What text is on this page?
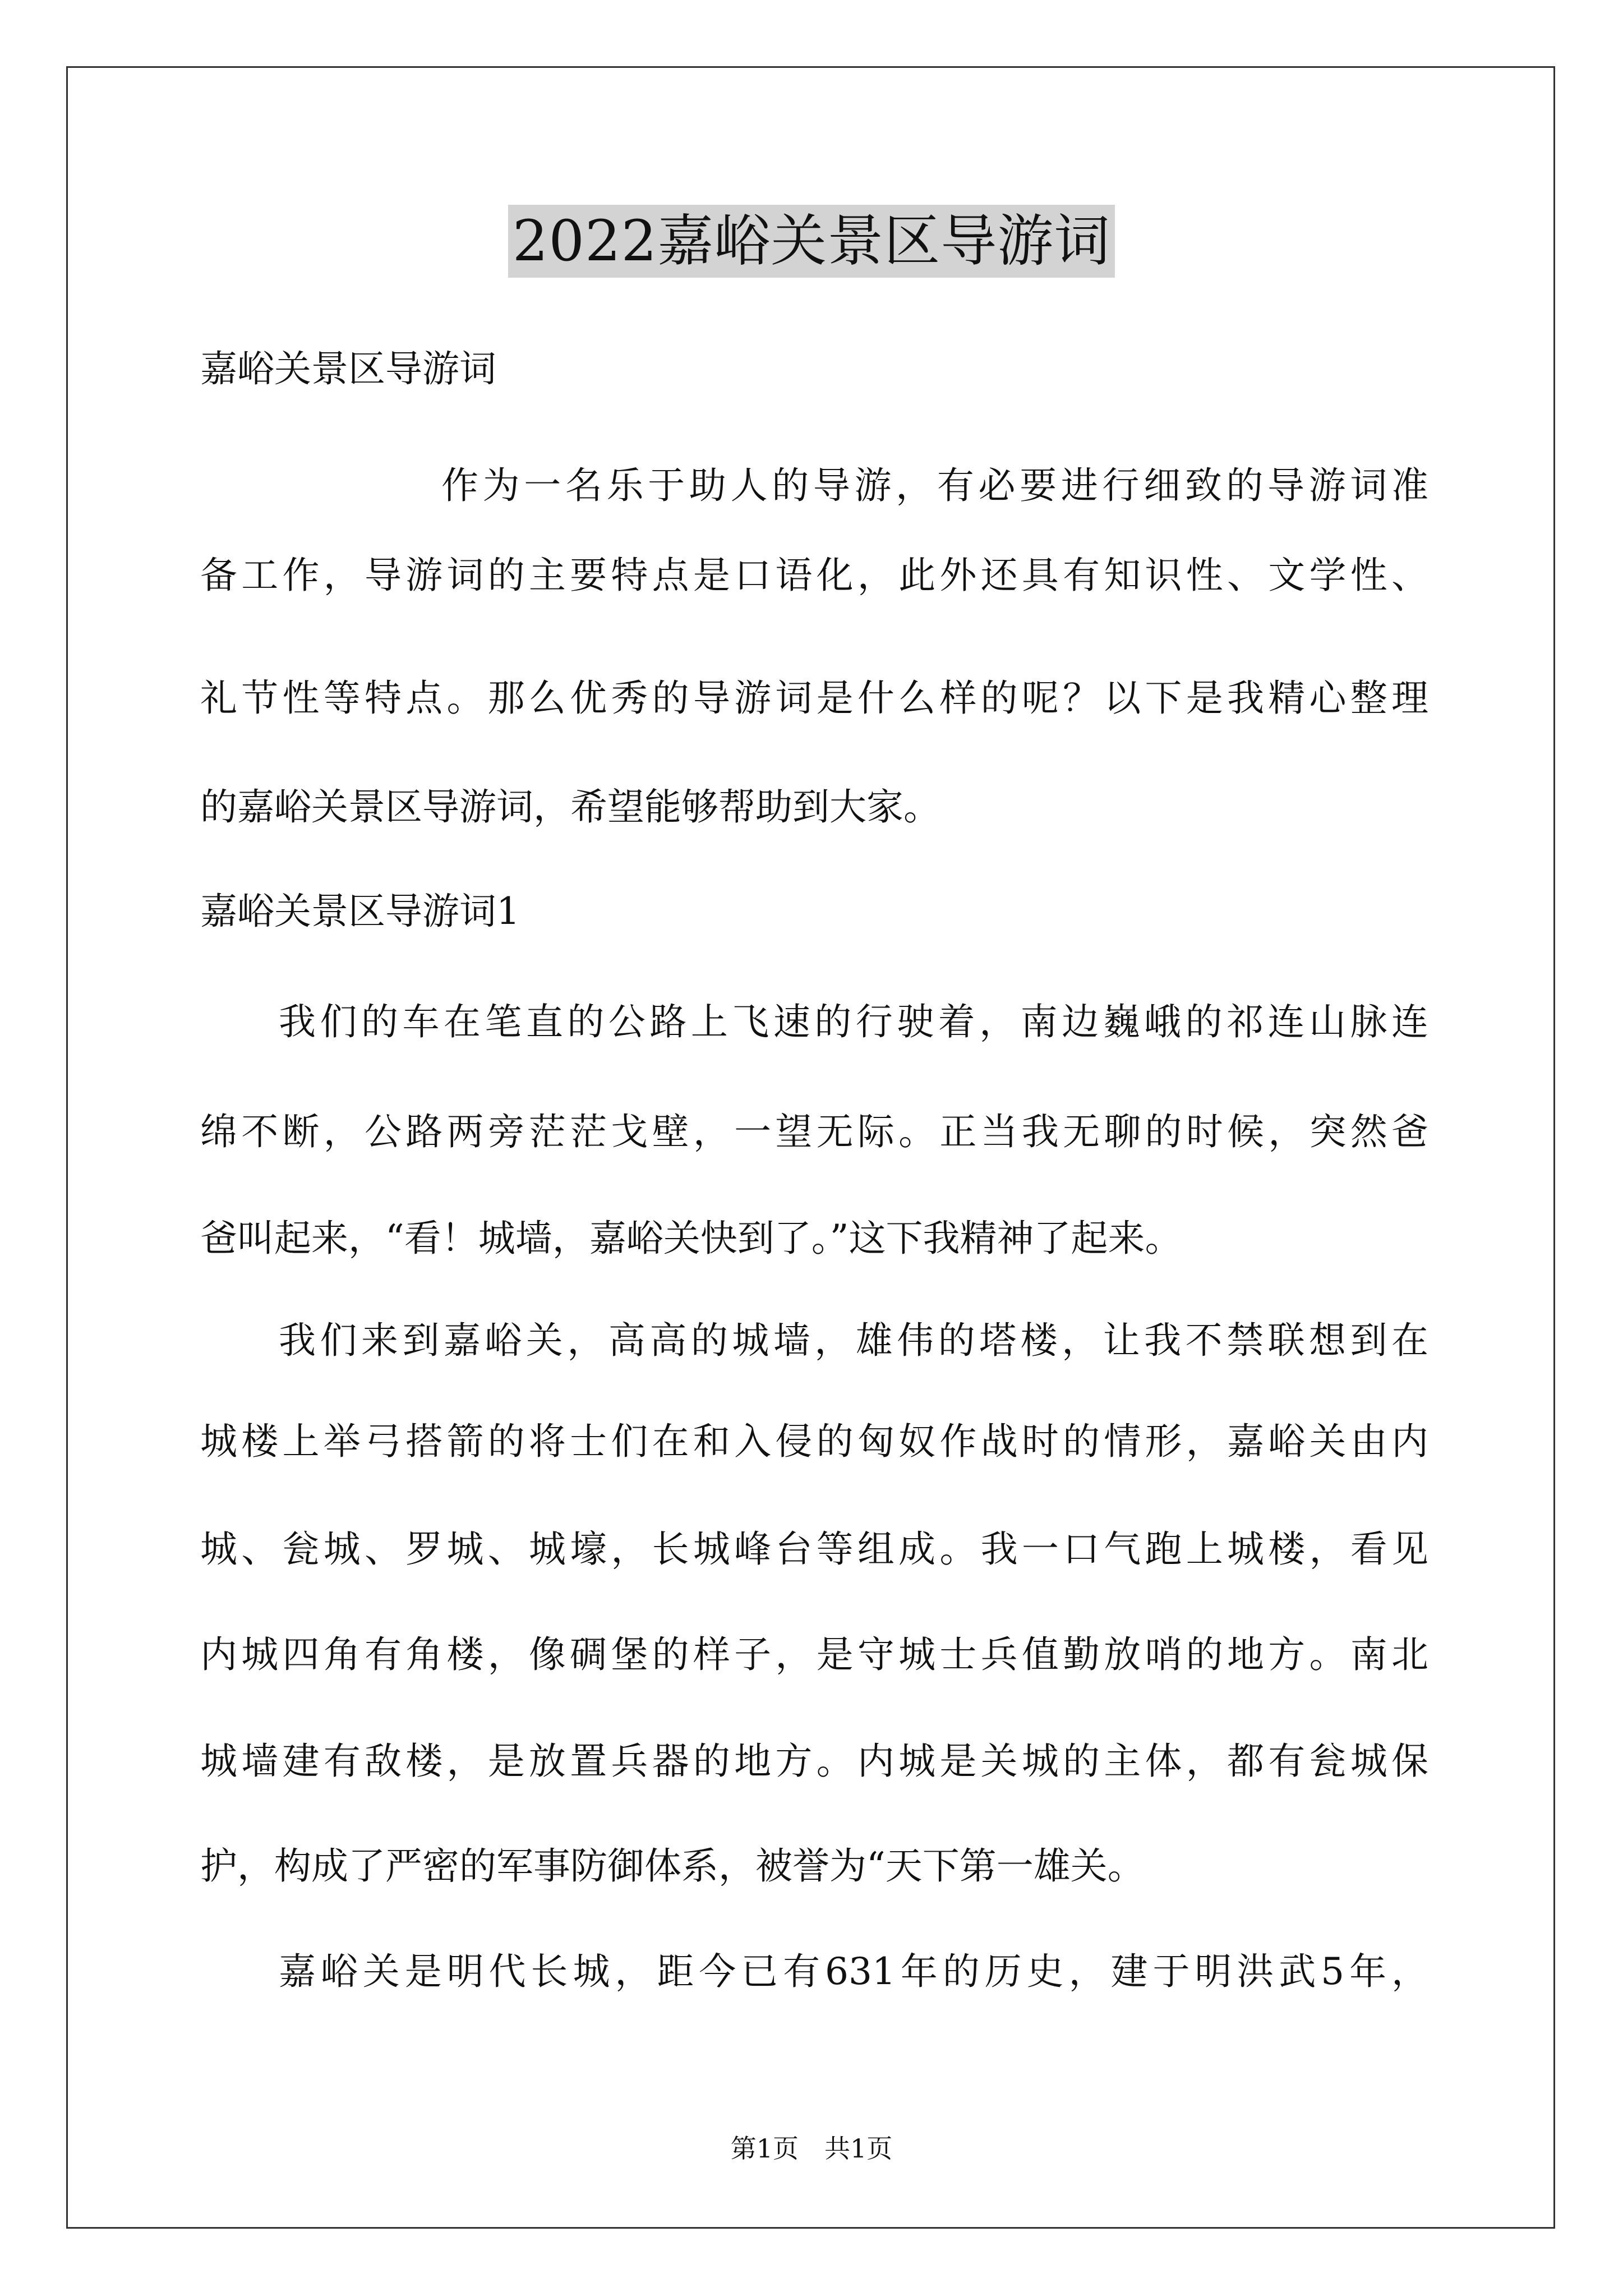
2022嘉峪关景区导游词
嘉峪关景区导游词
作为一名乐于助人的导游，有必要进行细致的导游词准
备工作，导游词的主要特点是口语化，此外还具有知识性、文学性、
礼节性等特点。那么优秀的导游词是什么样的呢？以下是我精心整理
的嘉峪关景区导游词，希望能够帮助到大家。
嘉峪关景区导游词1
我们的车在笔直的公路上飞速的行驶着，南边巍峨的祁连山脉连
绵不断，公路两旁茫茫戈壁，一望无际。正当我无聊的时候，突然爸
爸叫起来，“看！城墙，嘉峪关快到了。”这下我精神了起来。
我们来到嘉峪关，高高的城墙，雄伟的塔楼，让我不禁联想到在
城楼上举弓搭箭的将士们在和入侵的匈奴作战时的情形，嘉峪关由内
城、瓮城、罗城、城壕，长城峰台等组成。我一口气跑上城楼，看见
内城四角有角楼，像碉堡的样子，是守城士兵值勤放哨的地方。南北
城墙建有敌楼，是放置兵器的地方。内城是关城的主体，都有瓮城保
护，构成了严密的军事防御体系，被誉为“天下第一雄关。
嘉峪关是明代长城，距今已有631年的历史，建于明洪武5年，
第1页　共1页
